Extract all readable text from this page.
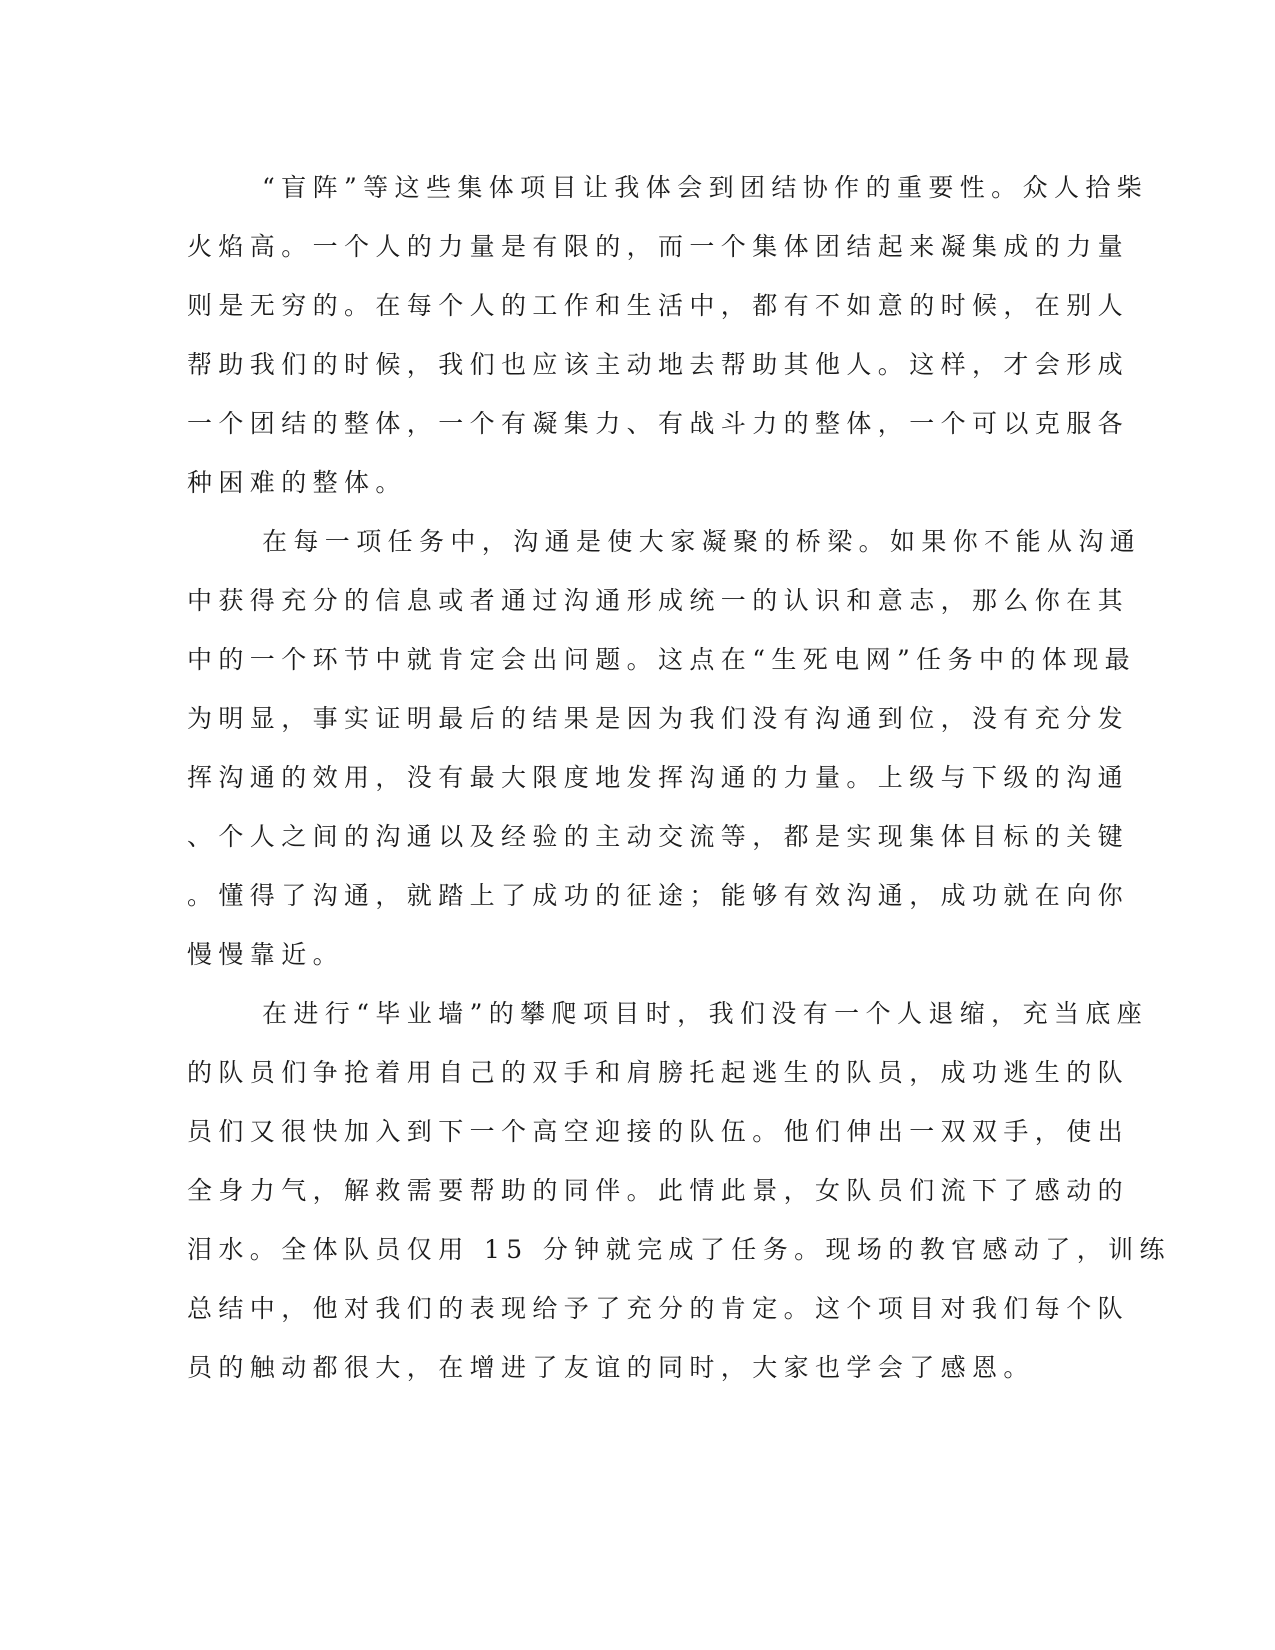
“盲阵”等这些集体项目让我体会到团结协作的重要性。众人拾柴
火焰高。一个人的力量是有限的，而一个集体团结起来凝集成的力量
则是无穷的。在每个人的工作和生活中，都有不如意的时候，在别人
帮助我们的时候，我们也应该主动地去帮助其他人。这样，才会形成
一个团结的整体，一个有凝集力、有战斗力的整体，一个可以克服各
种困难的整体。
在每一项任务中，沟通是使大家凝聚的桥梁。如果你不能从沟通
中获得充分的信息或者通过沟通形成统一的认识和意志，那么你在其
中的一个环节中就肯定会出问题。这点在“生死电网”任务中的体现最
为明显，事实证明最后的结果是因为我们没有沟通到位，没有充分发
挥沟通的效用，没有最大限度地发挥沟通的力量。上级与下级的沟通
、个人之间的沟通以及经验的主动交流等，都是实现集体目标的关键
。懂得了沟通，就踏上了成功的征途；能够有效沟通，成功就在向你
慢慢靠近。
在进行“毕业墙”的攀爬项目时，我们没有一个人退缩，充当底座
的队员们争抢着用自己的双手和肩膀托起逃生的队员，成功逃生的队
员们又很快加入到下一个高空迎接的队伍。他们伸出一双双手，使出
全身力气，解救需要帮助的同伴。此情此景，女队员们流下了感动的
泪水。全体队员仅用 15 分钟就完成了任务。现场的教官感动了，训练
总结中，他对我们的表现给予了充分的肯定。这个项目对我们每个队
员的触动都很大，在增进了友谊的同时，大家也学会了感恩。
